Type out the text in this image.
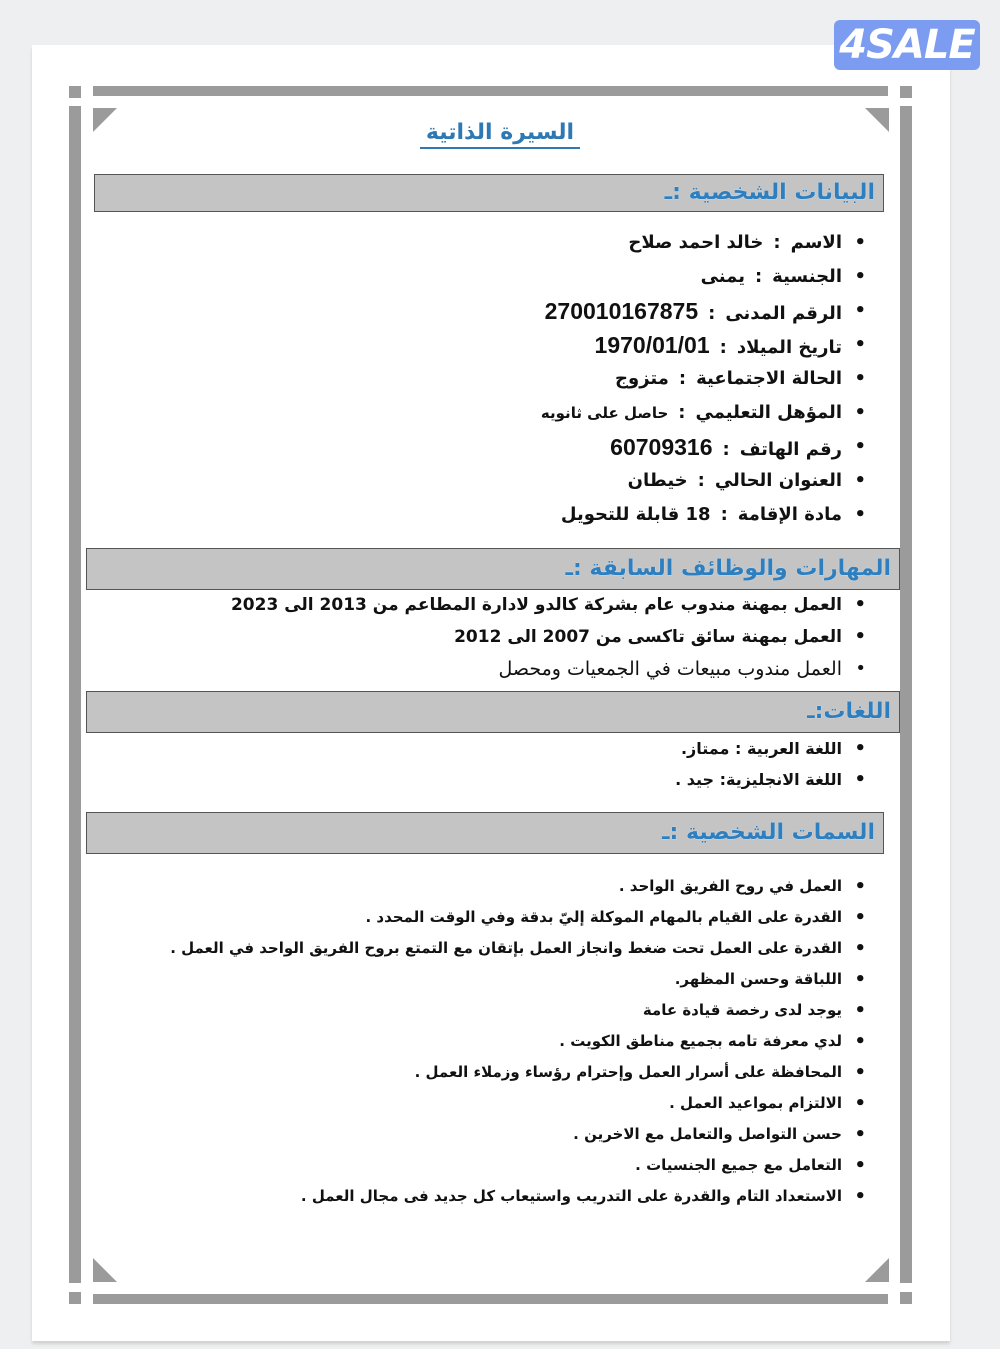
4SALE
السيرة الذاتية
البيانات الشخصية :ـ
• الاسم:خالد احمد صلاح
• الجنسية:يمنى
• الرقم المدنى:270010167875
• تاريخ الميلاد:1970/01/01
• الحالة الاجتماعية:متزوج
• المؤهل التعليمي:حاصل على ثانويه
• رقم الهاتف:60709316
• العنوان الحالي:خيطان
• مادة الإقامة:18 قابلة للتحويل
المهارات والوظائف السابقة :ـ
• العمل بمهنة مندوب عام بشركة كالدو لادارة المطاعم من 2013 الى 2023
• العمل بمهنة سائق تاكسى من 2007 الى 2012
• العمل مندوب مبيعات في الجمعيات ومحصل
اللغات:ـ
• اللغة العربية : ممتاز.
• اللغة الانجليزية: جيد .
السمات الشخصية :ـ
• العمل في روح الفريق الواحد .
• القدرة على القيام بالمهام الموكلة إليّ بدقة وفي الوقت المحدد .
• القدرة على العمل تحت ضغط وانجاز العمل بإتقان مع التمتع بروح الفريق الواحد في العمل .
• اللباقة وحسن المظهر.
• يوجد لدى رخصة قيادة عامة
• لدي معرفة تامه بجميع مناطق الكويت .
• المحافظة على أسرار العمل وإحترام رؤساء وزملاء العمل .
• الالتزام بمواعيد العمل .
• حسن التواصل والتعامل مع الاخرين .
• التعامل مع جميع الجنسيات .
• الاستعداد التام والقدرة على التدريب واستيعاب كل جديد فى مجال العمل .
